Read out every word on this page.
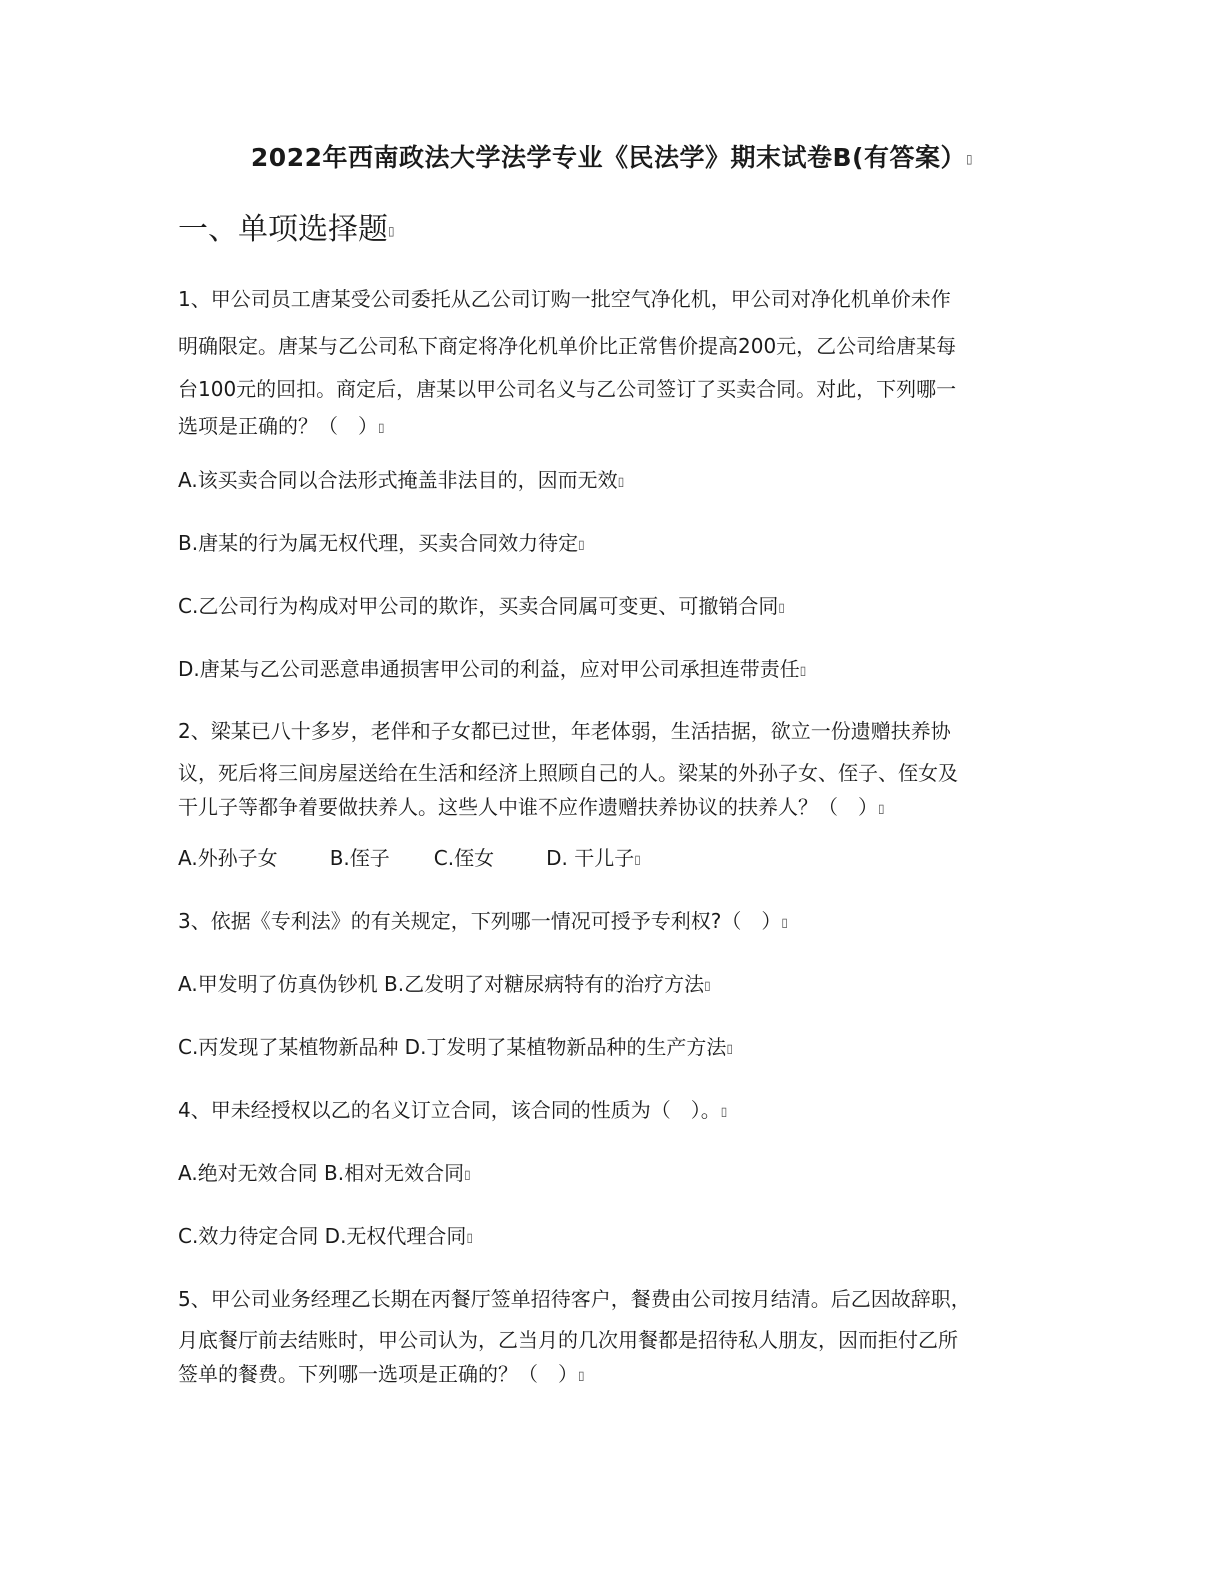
2022年西南政法大学法学专业《民法学》期末试卷B(有答案）▯
一、单项选择题▯
1、甲公司员工唐某受公司委托从乙公司订购一批空气净化机，甲公司对净化机单价未作
明确限定。唐某与乙公司私下商定将净化机单价比正常售价提高200元，乙公司给唐某每
台100元的回扣。商定后，唐某以甲公司名义与乙公司签订了买卖合同。对此，下列哪一
选项是正确的？（　）▯
A.该买卖合同以合法形式掩盖非法目的，因而无效▯
B.唐某的行为属无权代理，买卖合同效力待定▯
C.乙公司行为构成对甲公司的欺诈，买卖合同属可变更、可撤销合同▯
D.唐某与乙公司恶意串通损害甲公司的利益，应对甲公司承担连带责任▯
2、梁某已八十多岁，老伴和子女都已过世，年老体弱，生活拮据，欲立一份遗赠扶养协
议，死后将三间房屋送给在生活和经济上照顾自己的人。梁某的外孙子女、侄子、侄女及
干儿子等都争着要做扶养人。这些人中谁不应作遗赠扶养协议的扶养人？（　）▯
A.外孙子女	B.侄子 C.侄女	D. 干儿子▯
3、依据《专利法》的有关规定，下列哪一情况可授予专利权?（　）▯
A.甲发明了仿真伪钞机 B.乙发明了对糖尿病特有的治疗方法▯
C.丙发现了某植物新品种 D.丁发明了某植物新品种的生产方法▯
4、甲未经授权以乙的名义订立合同，该合同的性质为（　）。▯
A.绝对无效合同 B.相对无效合同▯
C.效力待定合同 D.无权代理合同▯
5、甲公司业务经理乙长期在丙餐厅签单招待客户，餐费由公司按月结清。后乙因故辞职，
月底餐厅前去结账时，甲公司认为，乙当月的几次用餐都是招待私人朋友，因而拒付乙所
签单的餐费。下列哪一选项是正确的？（　）▯
